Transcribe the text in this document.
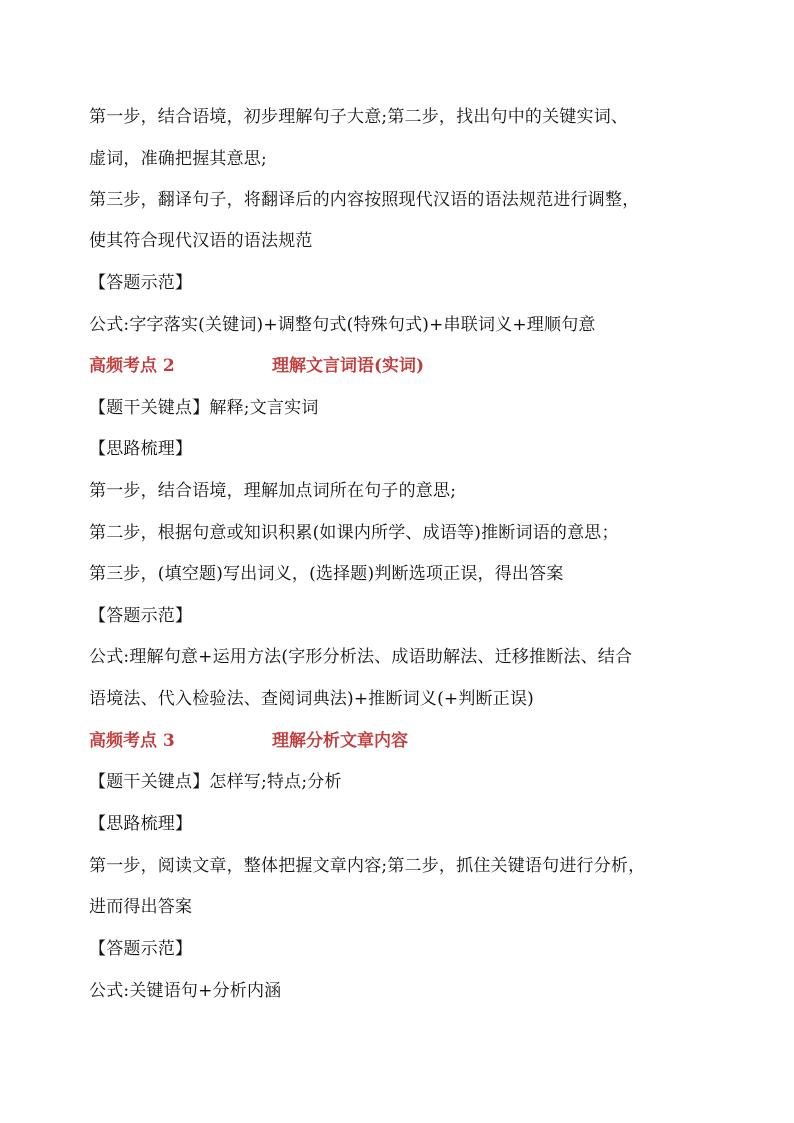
第一步，结合语境，初步理解句子大意;第二步，找出句中的关键实词、
虚词，准确把握其意思;
第三步，翻译句子，将翻译后的内容按照现代汉语的语法规范进行调整，
使其符合现代汉语的语法规范
【答题示范】
公式:字字落实(关键词)+调整句式(特殊句式)+串联词义+理顺句意
高频考点 2	理解文言词语(实词)
【题干关键点】解释;文言实词
【思路梳理】
第一步，结合语境，理解加点词所在句子的意思;
第二步，根据句意或知识积累(如课内所学、成语等)推断词语的意思；
第三步，(填空题)写出词义，(选择题)判断选项正误，得出答案
【答题示范】
公式:理解句意+运用方法(字形分析法、成语助解法、迁移推断法、结合
语境法、代入检验法、查阅词典法)+推断词义(+判断正误)
高频考点 3	理解分析文章内容
【题干关键点】怎样写;特点;分析
【思路梳理】
第一步，阅读文章，整体把握文章内容;第二步，抓住关键语句进行分析，
进而得出答案
【答题示范】
公式:关键语句+分析内涵
